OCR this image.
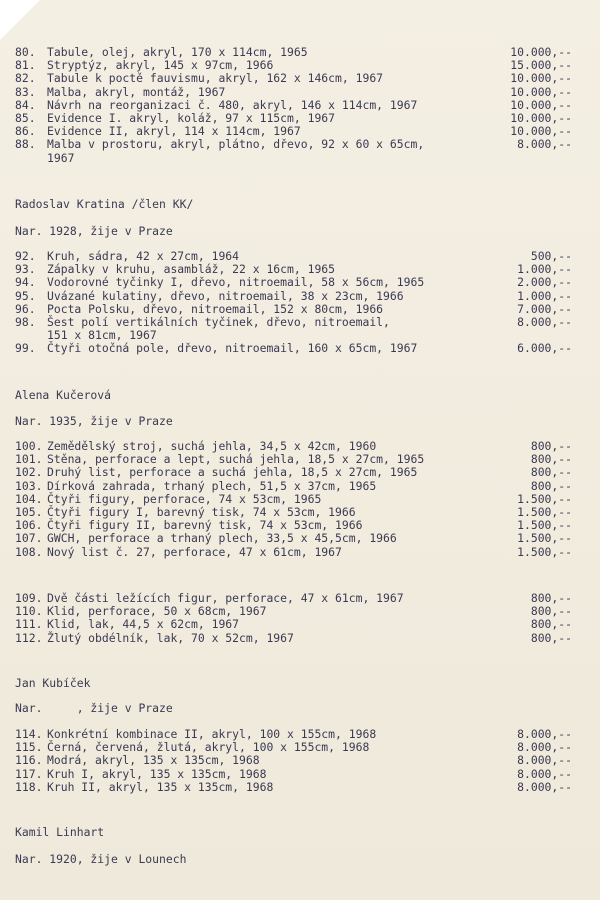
80.	Tabule, olej, akryl, 170 x 114cm, 1965	10.000,--
81.	Stryptýz, akryl, 145 x 97cm, 1966	15.000,--
82.	Tabule k poctě fauvismu, akryl, 162 x 146cm, 1967	10.000,--
83.	Malba, akryl, montáž, 1967	10.000,--
84.	Návrh na reorganizaci č. 480, akryl, 146 x 114cm, 1967	10.000,--
85.	Evidence I. akryl, koláž, 97 x 115cm, 1967	10.000,--
86.	Evidence II, akryl, 114 x 114cm, 1967	10.000,--
88.	Malba v prostoru, akryl, plátno, dřevo, 92 x 60 x 65cm,	8.000,--
1967
Radoslav Kratina /člen KK/
Nar. 1928, žije v Praze
92.	Kruh, sádra, 42 x 27cm, 1964	500,--
93.	Zápalky v kruhu, asambláž, 22 x 16cm, 1965	1.000,--
94.	Vodorovné tyčinky I, dřevo, nitroemail, 58 x 56cm, 1965	2.000,--
95.	Uvázané kulatiny, dřevo, nitroemail, 38 x 23cm, 1966	1.000,--
96.	Pocta Polsku, dřevo, nitroemail, 152 x 80cm, 1966	7.000,--
98.	Šest polí vertikálních tyčinek, dřevo, nitroemail,	8.000,--
151 x 81cm, 1967
99.	Čtyři otočná pole, dřevo, nitroemail, 160 x 65cm, 1967	6.000,--
Alena Kučerová
Nar. 1935, žije v Praze
100. Zemědělský stroj, suchá jehla, 34,5 x 42cm, 1960	800,--
101. Stěna, perforace a lept, suchá jehla, 18,5 x 27cm, 1965	800,--
102. Druhý list, perforace a suchá jehla, 18,5 x 27cm, 1965	800,--
103. Dírková zahrada, trhaný plech, 51,5 x 37cm, 1965	800,--
104. Čtyři figury, perforace, 74 x 53cm, 1965	1.500,--
105. Čtyři figury I, barevný tisk, 74 x 53cm, 1966	1.500,--
106. Čtyři figury II, barevný tisk, 74 x 53cm, 1966	1.500,--
107. GWCH, perforace a trhaný plech, 33,5 x 45,5cm, 1966	1.500,--
108. Nový list č. 27, perforace, 47 x 61cm, 1967	1.500,--
109. Dvě části ležících figur, perforace, 47 x 61cm, 1967	800,--
110. Klid, perforace, 50 x 68cm, 1967	800,--
111. Klid, lak, 44,5 x 62cm, 1967	800,--
112. Žlutý obdélník, lak, 70 x 52cm, 1967	800,--
Jan Kubíček
Nar.     , žije v Praze
114. Konkrétní kombinace II, akryl, 100 x 155cm, 1968	8.000,--
115. Černá, červená, žlutá, akryl, 100 x 155cm, 1968	8.000,--
116. Modrá, akryl, 135 x 135cm, 1968	8.000,--
117. Kruh I, akryl, 135 x 135cm, 1968	8.000,--
118. Kruh II, akryl, 135 x 135cm, 1968	8.000,--
Kamil Linhart
Nar. 1920, žije v Lounech
